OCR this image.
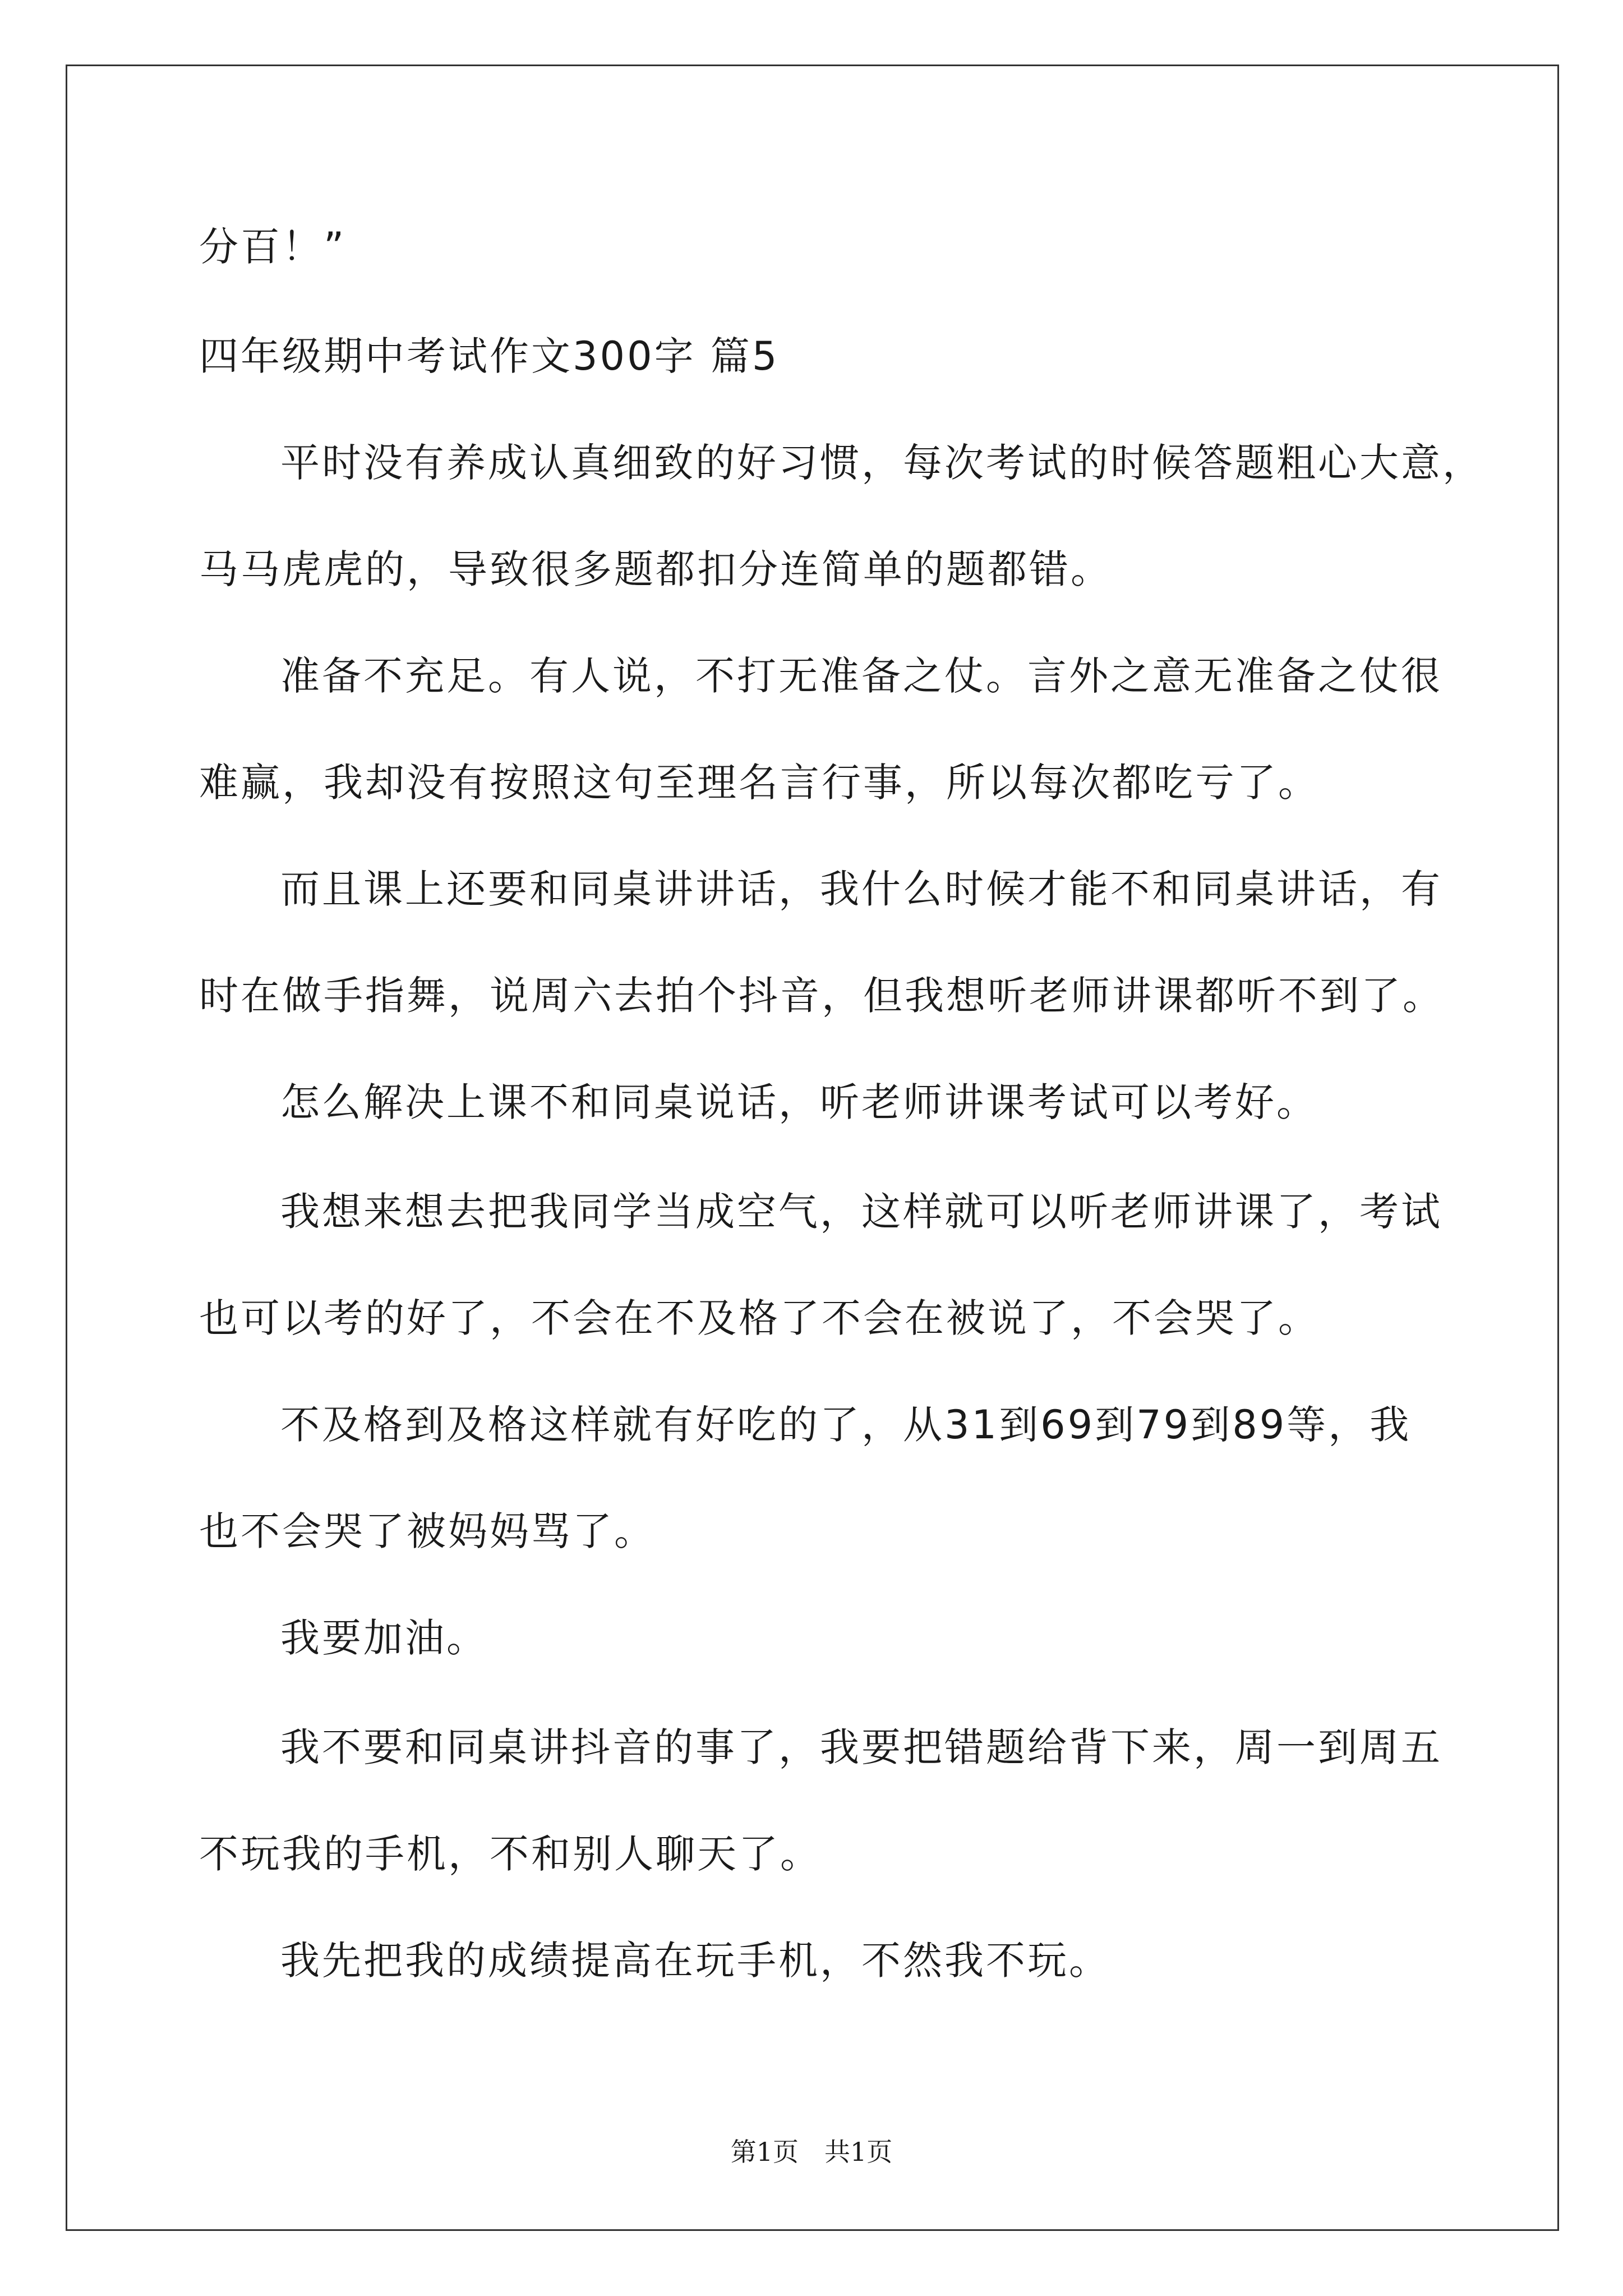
分百！”
四年级期中考试作文300字 篇5
平时没有养成认真细致的好习惯，每次考试的时候答题粗心大意，
马马虎虎的，导致很多题都扣分连简单的题都错。
准备不充足。有人说，不打无准备之仗。言外之意无准备之仗很
难赢，我却没有按照这句至理名言行事，所以每次都吃亏了。
而且课上还要和同桌讲讲话，我什么时候才能不和同桌讲话，有
时在做手指舞，说周六去拍个抖音，但我想听老师讲课都听不到了。
怎么解决上课不和同桌说话，听老师讲课考试可以考好。
我想来想去把我同学当成空气，这样就可以听老师讲课了，考试
也可以考的好了，不会在不及格了不会在被说了，不会哭了。
不及格到及格这样就有好吃的了，从31到69到79到89等，我
也不会哭了被妈妈骂了。
我要加油。
我不要和同桌讲抖音的事了，我要把错题给背下来，周一到周五
不玩我的手机，不和别人聊天了。
我先把我的成绩提高在玩手机，不然我不玩。
第1页　共1页
